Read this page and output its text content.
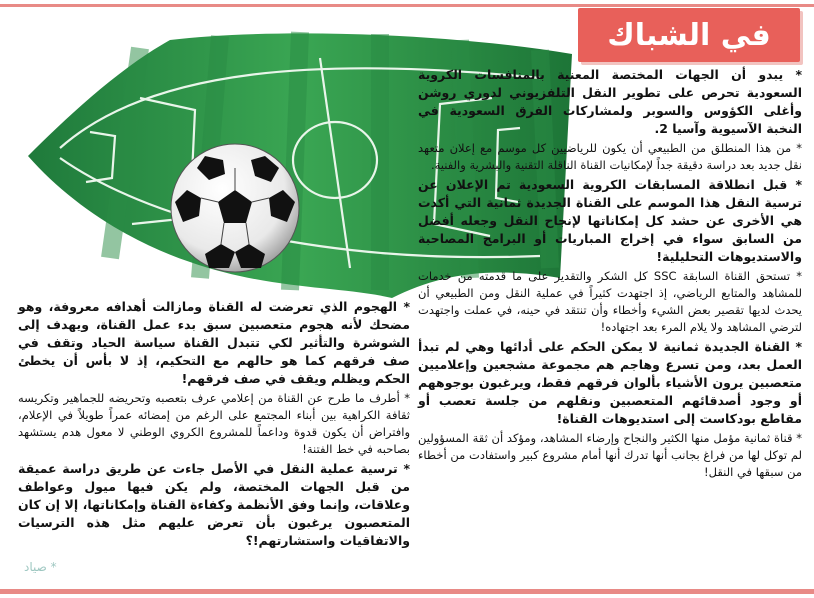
في الشباك

* يبدو أن الجهات المختصة المعنية بالمنافسات الكروية السعودية تحرص على تطوير النقل التلفزيوني لدوري روشن وأغلى الكؤوس والسوبر ولمشاركات الفرق السعودية في النخبة الآسيوية وآسيا 2.

* من هذا المنطلق من الطبيعي أن يكون للرياضيين كل موسم مع إعلان متعهد نقل جديد بعد دراسة دقيقة جداً لإمكانيات القناة الناقلة التقنية والبشرية والفنية.

* قبل انطلاقة المسابقات الكروية السعودية تم الإعلان عن ترسية النقل هذا الموسم على القناة الجديدة ثمانية التي أكدت هي الأخرى عن حشد كل إمكاناتها لإنجاح النقل وجعله أفضل من السابق سواء في إخراج المباريات أو البرامج المصاحبة والاستديوهات التحليلية!

* تستحق القناة السابقة SSC كل الشكر والتقدير على ما قدمته من خدمات للمشاهد والمتابع الرياضي، إذ اجتهدت كثيراً في عملية النقل ومن الطبيعي أن يحدث لديها تقصير بعض الشيء وأخطاء وأن تنتقد في حينه، في عملت واجتهدت لترضي المشاهد ولا يلام المرء بعد اجتهاده!

* القناة الجديدة ثمانية لا يمكن الحكم على أدائها وهي لم تبدأ العمل بعد، ومن تسرع وهاجم هم مجموعة مشجعين وإعلاميين متعصبين يرون الأشياء بألوان فرقهم فقط، ويرغبون بوجوههم أو وجود أصدقائهم المتعصبين ونقلهم من جلسة تعصب أو مقاطع بودكاست إلى استديوهات القناة!

* قناة ثمانية مؤمل منها الكثير والنجاح وإرضاء المشاهد، ومؤكد أن ثقة المسؤولين لم توكل لها من فراغ بجانب أنها تدرك أنها أمام مشروع كبير واستفادت من أخطاء من سبقها في النقل!

* الهجوم الذي تعرضت له القناة ومازالت أهدافه معروفة، وهو مضحك لأنه هجوم متعصبين سبق بدء عمل القناة، ويهدف إلى الشوشرة والتأثير لكي تتبدل القناة سياسة الحياد وتقف في صف فرقهم كما هو حالهم مع التحكيم، إذ لا بأس أن يخطئ الحكم ويظلم ويقف في صف فرقهم!

* أطرف ما طرح عن القناة من إعلامي عرف بتعصبه وتحريضه للجماهير وتكريسه ثقافة الكراهية بين أبناء المجتمع على الرغم من إمضائه عمراً طويلاً في الإعلام، وافتراض أن يكون قدوة وداعماً للمشروع الكروي الوطني لا معول هدم يستشهد بصاحبه في خط الفتنة!

* ترسية عملية النقل في الأصل جاءت عن طريق دراسة عميقة من قبل الجهات المختصة، ولم يكن فيها ميول وعواطف وعلاقات، وإنما وفق الأنظمة وكفاءة القناة وإمكاناتها، إلا إن كان المتعصبون يرغبون بأن تعرض عليهم مثل هذه الترسيات والاتفاقيات واستشارتهم!؟

* صياد
